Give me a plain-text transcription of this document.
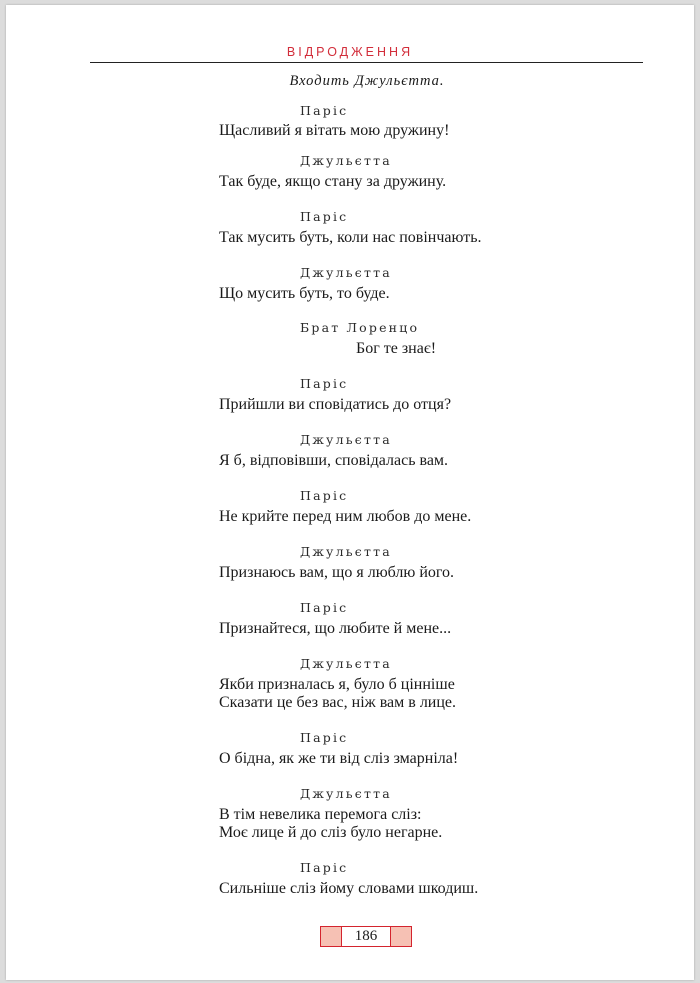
ВІДРОДЖЕННЯ
Входить Джульєтта.
Паріс
Щасливий я вітать мою дружину!
Джульєтта
Так буде, якщо стану за дружину.
Паріс
Так мусить буть, коли нас повінчають.
Джульєтта
Що мусить буть, то буде.
Брат Лоренцо
Бог те знає!
Паріс
Прийшли ви сповідатись до отця?
Джульєтта
Я б, відповівши, сповідалась вам.
Паріс
Не крийте перед ним любов до мене.
Джульєтта
Признаюсь вам, що я люблю його.
Паріс
Признайтеся, що любите й мене...
Джульєтта
Якби призналась я, було б цінніше
Сказати це без вас, ніж вам в лице.
Паріс
О бідна, як же ти від сліз змарніла!
Джульєтта
В тім невелика перемога сліз:
Моє лице й до сліз було негарне.
Паріс
Сильніше сліз йому словами шкодиш.
186
